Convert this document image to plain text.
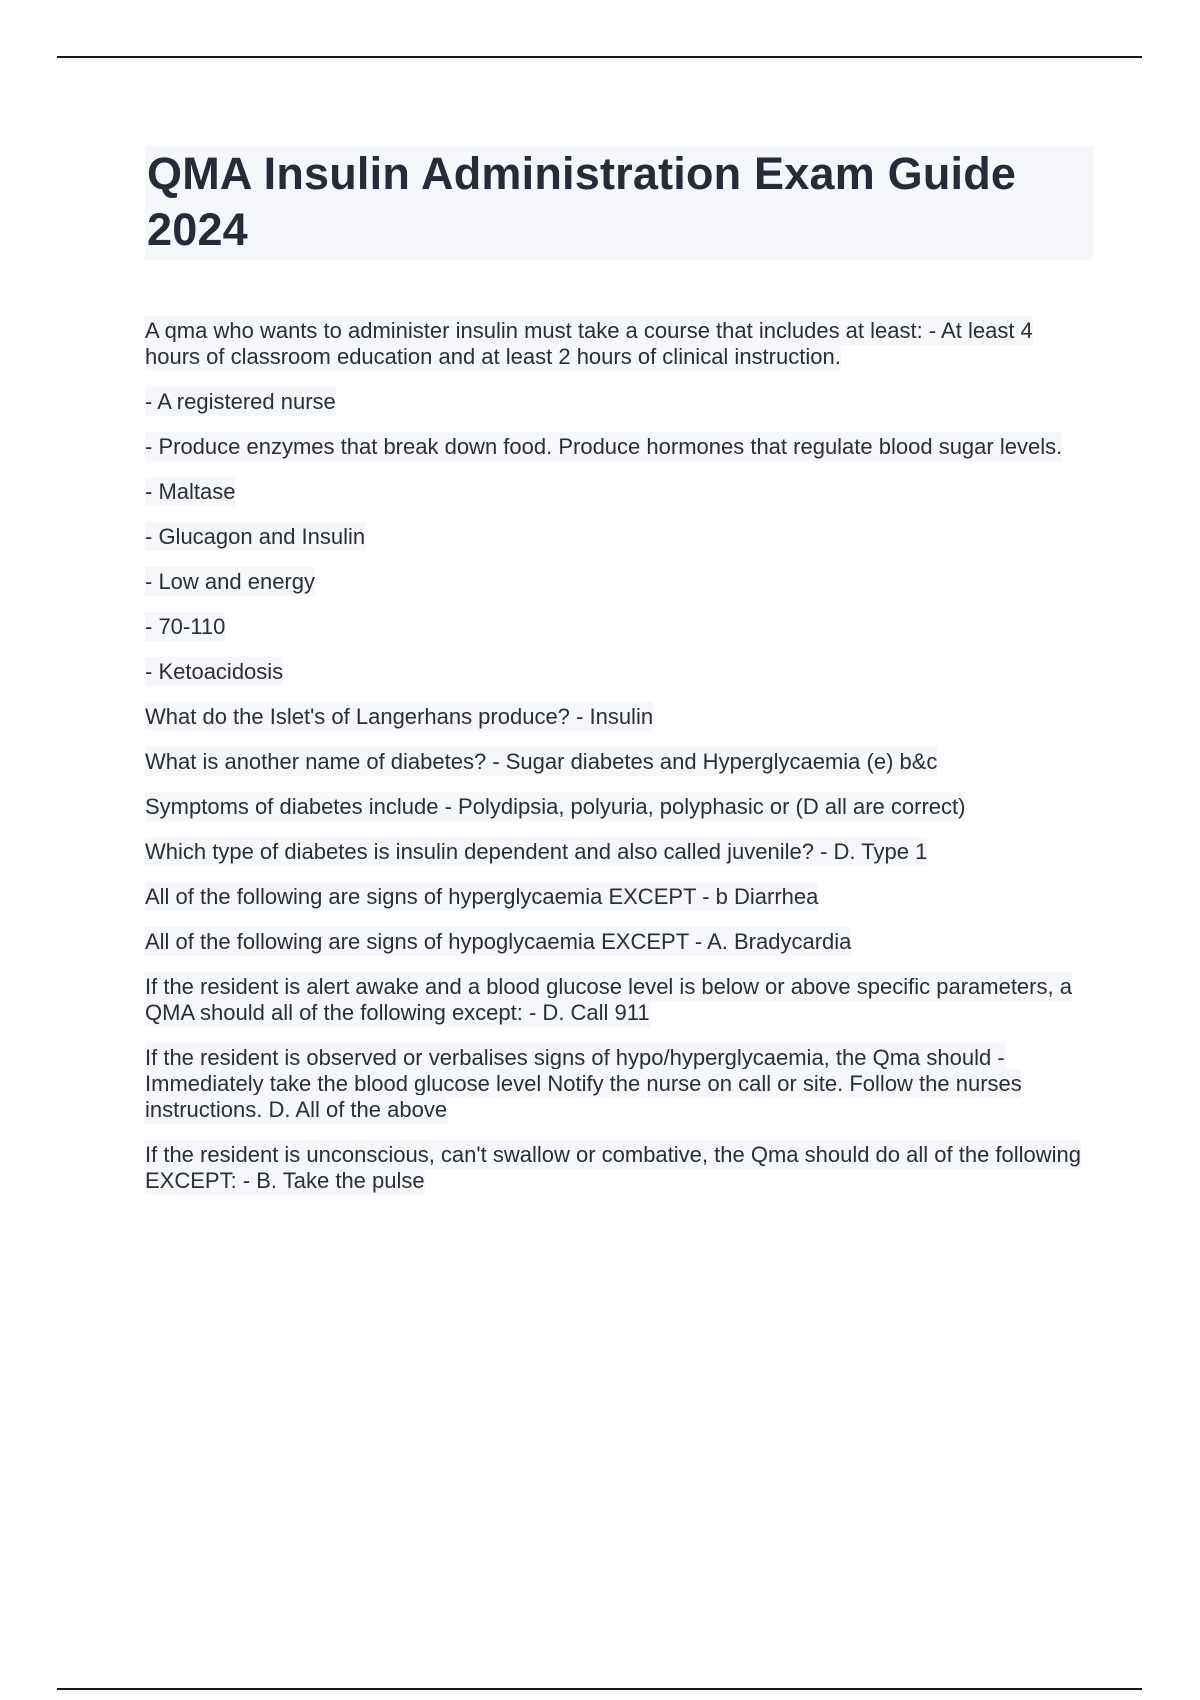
QMA Insulin Administration Exam Guide 2024

A qma who wants to administer insulin must take a course that includes at least: - At least 4 hours of classroom education and at least 2 hours of clinical instruction.

- A registered nurse

- Produce enzymes that break down food. Produce hormones that regulate blood sugar levels.

- Maltase

- Glucagon and Insulin

- Low and energy

- 70-110

- Ketoacidosis

What do the Islet's of Langerhans produce? - Insulin

What is another name of diabetes? - Sugar diabetes and Hyperglycaemia (e) b&c

Symptoms of diabetes include - Polydipsia, polyuria, polyphasic or (D all are correct)

Which type of diabetes is insulin dependent and also called juvenile? - D. Type 1

All of the following are signs of hyperglycaemia EXCEPT - b Diarrhea

All of the following are signs of hypoglycaemia EXCEPT - A. Bradycardia

If the resident is alert awake and a blood glucose level is below or above specific parameters, a QMA should all of the following except: - D. Call 911

If the resident is observed or verbalises signs of hypo/hyperglycaemia, the Qma should - Immediately take the blood glucose level Notify the nurse on call or site. Follow the nurses instructions. D. All of the above

If the resident is unconscious, can't swallow or combative, the Qma should do all of the following EXCEPT: - B. Take the pulse
